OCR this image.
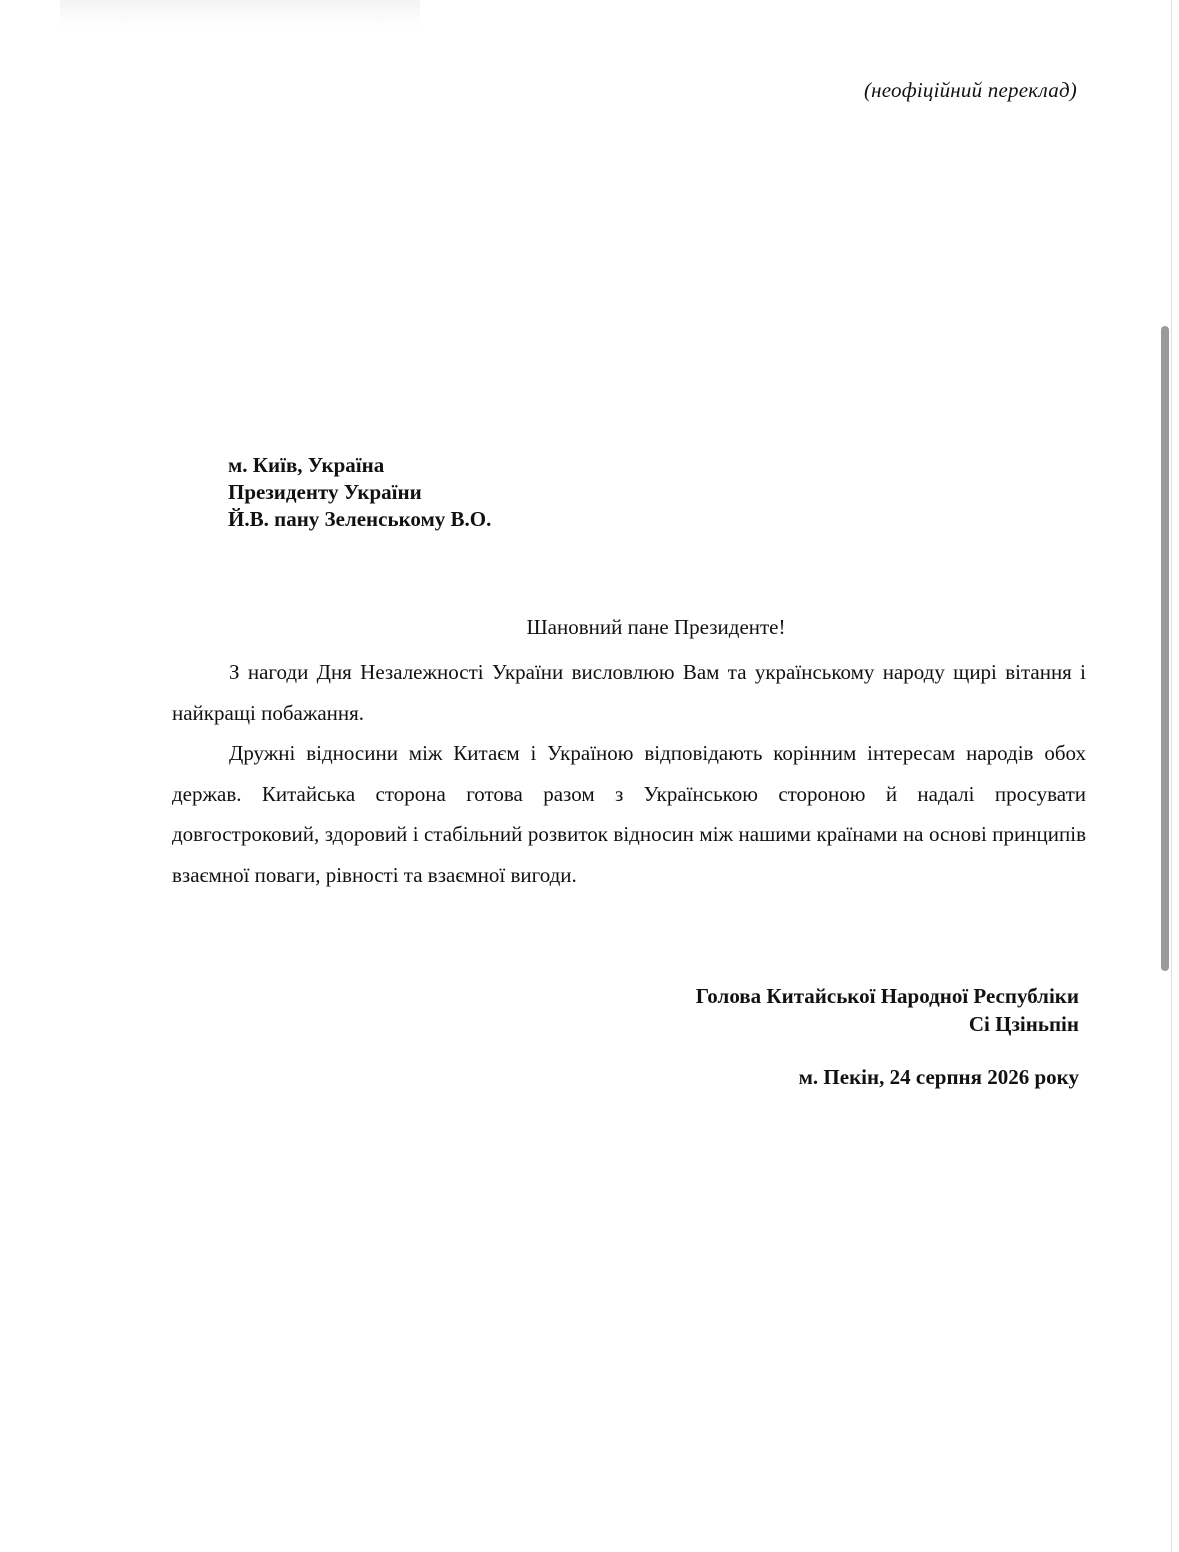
(неофіційний переклад)
м. Київ, Україна
Президенту України
Й.В. пану Зеленському В.О.
Шановний пане Президенте!

З нагоди Дня Незалежності України висловлюю Вам та українському народу щирі вітання і найкращі побажання.

Дружні відносини між Китаєм і Україною відповідають корінним інтересам народів обох держав. Китайська сторона готова разом з Українською стороною й надалі просувати довгостроковий, здоровий і стабільний розвиток відносин між нашими країнами на основі принципів взаємної поваги, рівності та взаємної вигоди.

Голова Китайської Народної Республіки
Сі Цзіньпін
м. Пекін, 24 серпня 2026 року
